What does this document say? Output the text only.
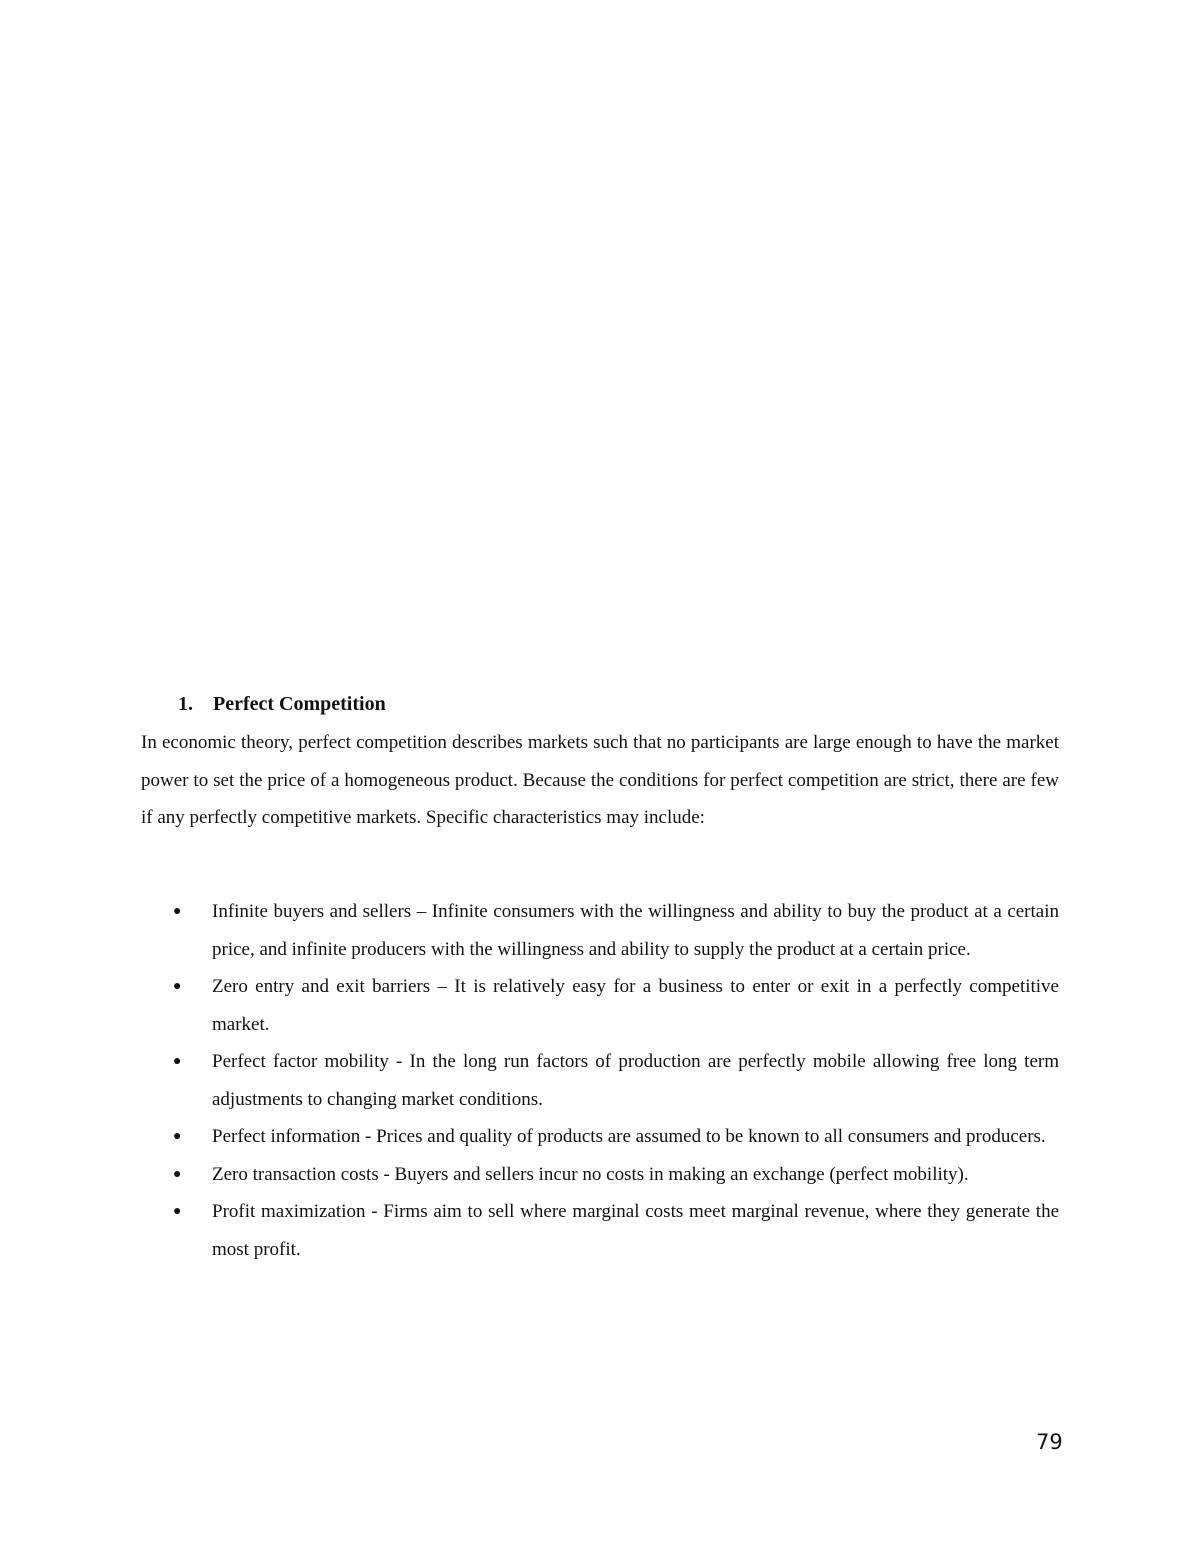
1. Perfect Competition

In economic theory, perfect competition describes markets such that no participants are large enough to have the market power to set the price of a homogeneous product. Because the conditions for perfect competition are strict, there are few if any perfectly competitive markets. Specific characteristics may include:

● Infinite buyers and sellers – Infinite consumers with the willingness and ability to buy the product at a certain price, and infinite producers with the willingness and ability to supply the product at a certain price.
● Zero entry and exit barriers – It is relatively easy for a business to enter or exit in a perfectly competitive market.
● Perfect factor mobility - In the long run factors of production are perfectly mobile allowing free long term adjustments to changing market conditions.
● Perfect information - Prices and quality of products are assumed to be known to all consumers and producers.
● Zero transaction costs - Buyers and sellers incur no costs in making an exchange (perfect mobility).
● Profit maximization - Firms aim to sell where marginal costs meet marginal revenue, where they generate the most profit.
79
